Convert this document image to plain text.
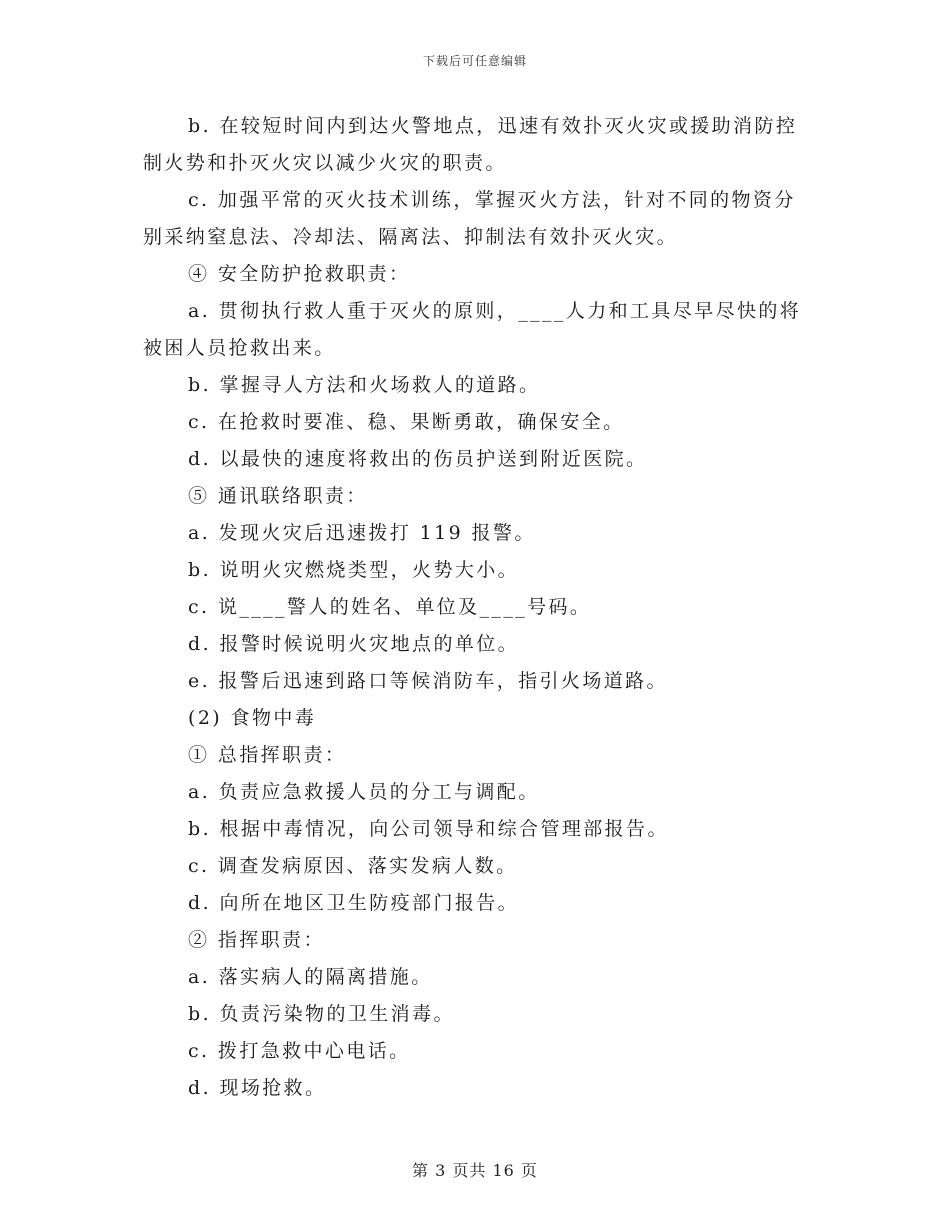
下载后可任意编辑
b. 在较短时间内到达火警地点，迅速有效扑灭火灾或援助消防控
制火势和扑灭火灾以减少火灾的职责。
c. 加强平常的灭火技术训练，掌握灭火方法，针对不同的物资分
别采纳窒息法、冷却法、隔离法、抑制法有效扑灭火灾。
④ 安全防护抢救职责：
a. 贯彻执行救人重于灭火的原则，____人力和工具尽早尽快的将
被困人员抢救出来。
b. 掌握寻人方法和火场救人的道路。
c. 在抢救时要准、稳、果断勇敢，确保安全。
d. 以最快的速度将救出的伤员护送到附近医院。
⑤ 通讯联络职责：
a. 发现火灾后迅速拨打 119 报警。
b. 说明火灾燃烧类型，火势大小。
c. 说____警人的姓名、单位及____号码。
d. 报警时候说明火灾地点的单位。
e. 报警后迅速到路口等候消防车，指引火场道路。
(2) 食物中毒
① 总指挥职责：
a. 负责应急救援人员的分工与调配。
b. 根据中毒情况，向公司领导和综合管理部报告。
c. 调查发病原因、落实发病人数。
d. 向所在地区卫生防疫部门报告。
② 指挥职责：
a. 落实病人的隔离措施。
b. 负责污染物的卫生消毒。
c. 拨打急救中心电话。
d. 现场抢救。
第 3 页共 16 页
